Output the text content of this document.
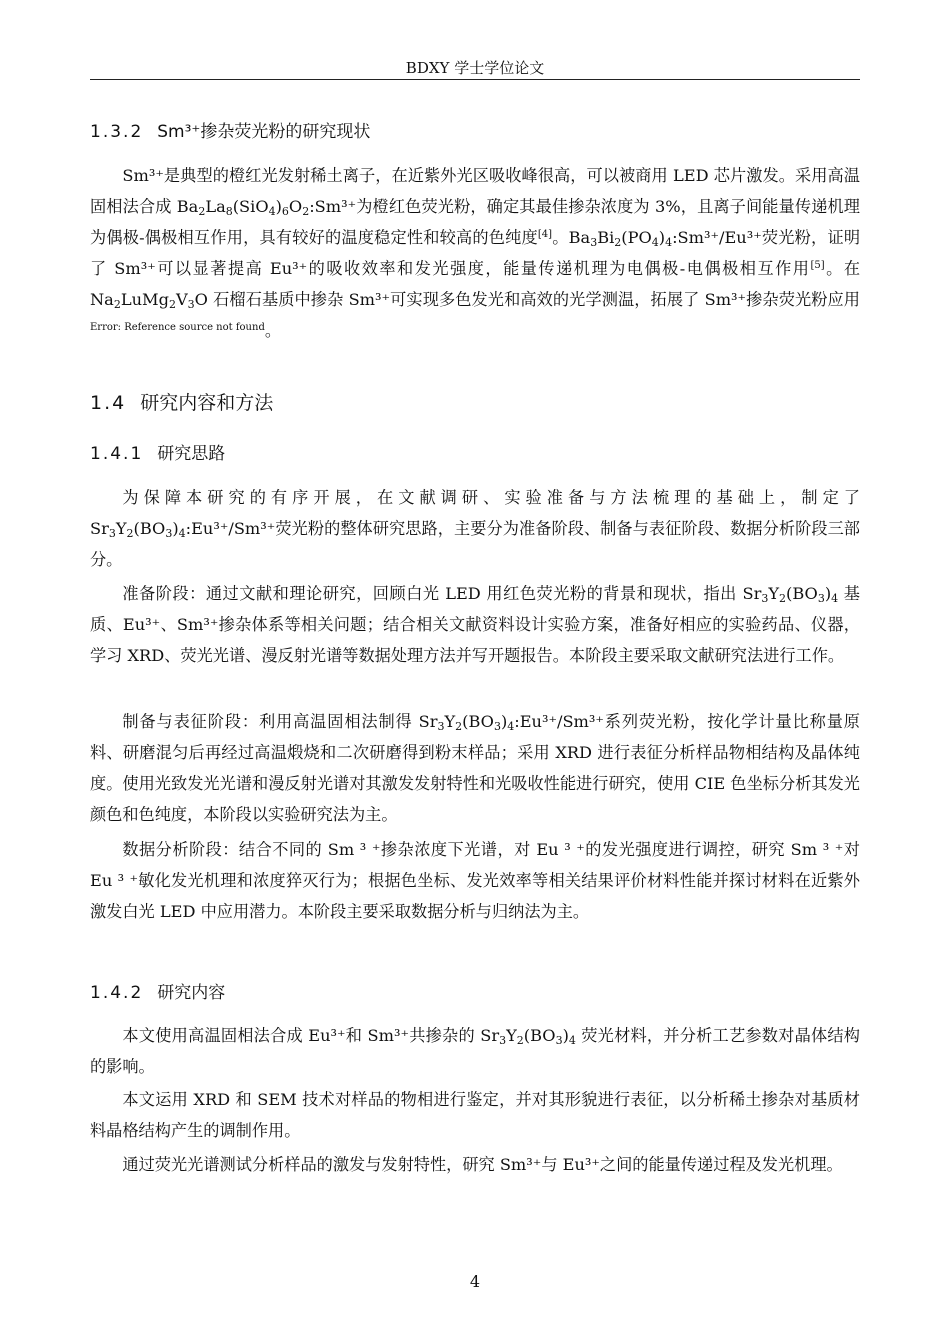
BDXY 学士学位论文
1.3.2 Sm³⁺掺杂荧光粉的研究现状
Sm³⁺是典型的橙红光发射稀土离子，在近紫外光区吸收峰很高，可以被商用 LED 芯片激发。采用高温固相法合成 $Ba_2La_8(SiO_4)_6O_2:Sm^{3+}$为橙红色荧光粉，确定其最佳掺杂浓度为 3%，且离子间能量传递机理为偶极-偶极相互作用，具有较好的温度稳定性和较高的色纯度[4]。$Ba_3Bi_2(PO_4)_4:Sm^{3+}/Eu^{3+}$荧光粉，证明了 Sm³⁺可以显著提高 Eu³⁺的吸收效率和发光强度，能量传递机理为电偶极-电偶极相互作用[5]。在 $Na_2LuMg_2V_3O$ 石榴石基质中掺杂 Sm³⁺可实现多色发光和高效的光学测温，拓展了 Sm³⁺掺杂荧光粉应用$^{Error: Reference source not found}$。
1.4 研究内容和方法
1.4.1 研究思路
为保障本研究的有序开展，在文献调研、实验准备与方法梳理的基础上，制定了 $Sr_3Y_2(BO_3)_4:Eu^{3+}/Sm^{3+}$荧光粉的整体研究思路，主要分为准备阶段、制备与表征阶段、数据分析阶段三部分。
准备阶段：通过文献和理论研究，回顾白光 LED 用红色荧光粉的背景和现状，指出 $Sr_3Y_2(BO_3)_4$ 基质、Eu³⁺、Sm³⁺掺杂体系等相关问题；结合相关文献资料设计实验方案，准备好相应的实验药品、仪器，学习 XRD、荧光光谱、漫反射光谱等数据处理方法并写开题报告。本阶段主要采取文献研究法进行工作。
制备与表征阶段：利用高温固相法制得 $Sr_3Y_2(BO_3)_4:Eu^{3+}/Sm^{3+}$系列荧光粉，按化学计量比称量原料、研磨混匀后再经过高温煅烧和二次研磨得到粉末样品；采用 XRD 进行表征分析样品物相结构及晶体纯度。使用光致发光光谱和漫反射光谱对其激发发射特性和光吸收性能进行研究，使用 CIE 色坐标分析其发光颜色和色纯度，本阶段以实验研究法为主。
数据分析阶段：结合不同的 Sm ³ ⁺掺杂浓度下光谱，对 Eu ³ ⁺的发光强度进行调控，研究 Sm ³ ⁺对 Eu ³ ⁺敏化发光机理和浓度猝灭行为；根据色坐标、发光效率等相关结果评价材料性能并探讨材料在近紫外激发白光 LED 中应用潜力。本阶段主要采取数据分析与归纳法为主。
1.4.2 研究内容
本文使用高温固相法合成 Eu³⁺和 Sm³⁺共掺杂的 $Sr_3Y_2(BO_3)_4$ 荧光材料，并分析工艺参数对晶体结构的影响。
本文运用 XRD 和 SEM 技术对样品的物相进行鉴定，并对其形貌进行表征，以分析稀土掺杂对基质材料晶格结构产生的调制作用。
通过荧光光谱测试分析样品的激发与发射特性，研究 Sm³⁺与 Eu³⁺之间的能量传递过程及发光机理。
4
